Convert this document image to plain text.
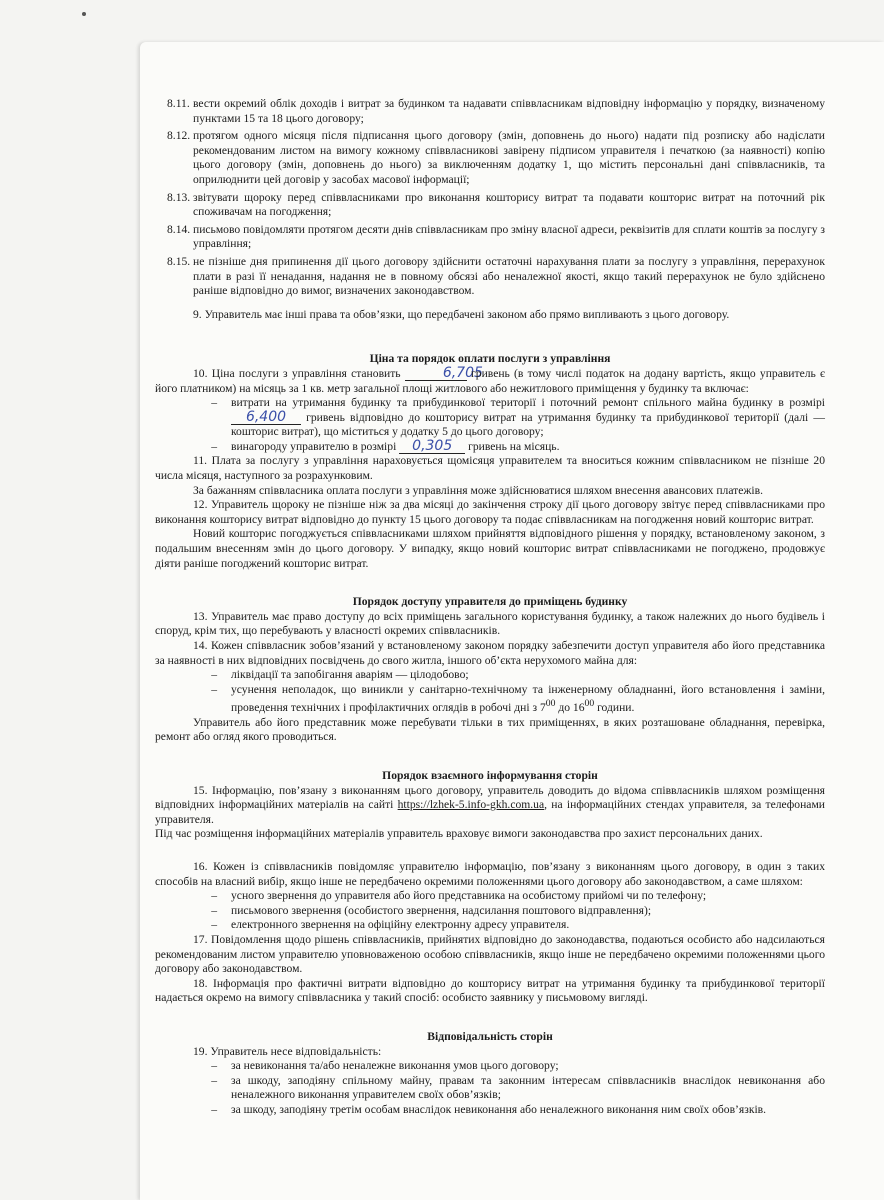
8.11. вести окремий облік доходів і витрат за будинком та надавати співвласникам відповідну інформацію у порядку, визначеному пунктами 15 та 18 цього договору;
8.12. протягом одного місяця після підписання цього договору (змін, доповнень до нього) надати під розписку або надіслати рекомендованим листом на вимогу кожному співвласникові завірену підписом управителя і печаткою (за наявності) копію цього договору (змін, доповнень до нього) за виключенням додатку 1, що містить персональні дані співвласників, та оприлюднити цей договір у засобах масової інформації;
8.13. звітувати щороку перед співвласниками про виконання кошторису витрат та подавати кошторис витрат на поточний рік споживачам на погодження;
8.14. письмово повідомляти протягом десяти днів співвласникам про зміну власної адреси, реквізитів для сплати коштів за послугу з управління;
8.15. не пізніше дня припинення дії цього договору здійснити остаточні нарахування плати за послугу з управління, перерахунок плати в разі її ненадання, надання не в повному обсязі або неналежної якості, якщо такий перерахунок не було здійснено раніше відповідно до вимог, визначених законодавством.

9. Управитель має інші права та обов’язки, що передбачені законом або прямо випливають з цього договору.

Ціна та порядок оплати послуги з управління

10. Ціна послуги з управління становить	6,705 гривень (в тому числі податок на додану вартість, якщо управитель є його платником) на місяць за 1 кв. метр загальної площі житлового або нежитлового приміщення у будинку та включає:

–	витрати на утримання будинку та прибудинкової території і поточний ремонт спільного майна будинку в розмірі 6,400 гривень відповідно до кошторису витрат на утримання будинку та прибудинкової території (далі — кошторис витрат), що міститься у додатку 5 до цього договору;
–	винагороду управителю в розмірі 0,305 гривень на місяць.

11. Плата за послугу з управління нараховується щомісяця управителем та вноситься кожним співвласником не пізніше 20 числа місяця, наступного за розрахунковим.

За бажанням співвласника оплата послуги з управління може здійснюватися шляхом внесення авансових платежів.

12. Управитель щороку не пізніше ніж за два місяці до закінчення строку дії цього договору звітує перед співвласниками про виконання кошторису витрат відповідно до пункту 15 цього договору та подає співвласникам на погодження новий кошторис витрат.

Новий кошторис погоджується співвласниками шляхом прийняття відповідного рішення у порядку, встановленому законом, з подальшим внесенням змін до цього договору. У випадку, якщо новий кошторис витрат співвласниками не погоджено, продовжує діяти раніше погоджений кошторис витрат.

Порядок доступу управителя до приміщень будинку

13. Управитель має право доступу до всіх приміщень загального користування будинку, а також належних до нього будівель і споруд, крім тих, що перебувають у власності окремих співвласників.

14. Кожен співвласник зобов’язаний у встановленому законом порядку забезпечити доступ управителя або його представника за наявності в них відповідних посвідчень до свого житла, іншого об’єкта нерухомого майна для:

–	ліквідації та запобігання аваріям — цілодобово;
–	усунення неполадок, що виникли у санітарно-технічному та інженерному обладнанні, його встановлення і заміни, проведення технічних і профілактичних оглядів в робочі дні з $7^{00}$ до $16^{00}$ години.

Управитель або його представник може перебувати тільки в тих приміщеннях, в яких розташоване обладнання, перевірка, ремонт або огляд якого проводиться.

Порядок взаємного інформування сторін

15. Інформацію, пов’язану з виконанням цього договору, управитель доводить до відома співвласників шляхом розміщення відповідних інформаційних матеріалів на сайті https://lzhek-5.info-gkh.com.ua, на інформаційних стендах управителя, за телефонами управителя.

Під час розміщення інформаційних матеріалів управитель враховує вимоги законодавства про захист персональних даних.

16. Кожен із співвласників повідомляє управителю інформацію, пов’язану з виконанням цього договору, в один з таких способів на власний вибір, якщо інше не передбачено окремими положеннями цього договору або законодавством, а саме шляхом:

–	усного звернення до управителя або його представника на особистому прийомі чи по телефону;
–	письмового звернення (особистого звернення, надсилання поштового відправлення);
–	електронного звернення на офіційну електронну адресу управителя.

17. Повідомлення щодо рішень співвласників, прийнятих відповідно до законодавства, подаються особисто або надсилаються рекомендованим листом управителю уповноваженою особою співвласників, якщо інше не передбачено окремими положеннями цього договору або законодавством.

18. Інформація про фактичні витрати відповідно до кошторису витрат на утримання будинку та прибудинкової території надається окремо на вимогу співвласника у такий спосіб: особисто заявнику у письмовому вигляді.

Відповідальність сторін

19. Управитель несе відповідальність:

–	за невиконання та/або неналежне виконання умов цього договору;
–	за шкоду, заподіяну спільному майну, правам та законним інтересам співвласників внаслідок невиконання або неналежного виконання управителем своїх обов’язків;
–	за шкоду, заподіяну третім особам внаслідок невиконання або неналежного виконання ним своїх обов’язків.
